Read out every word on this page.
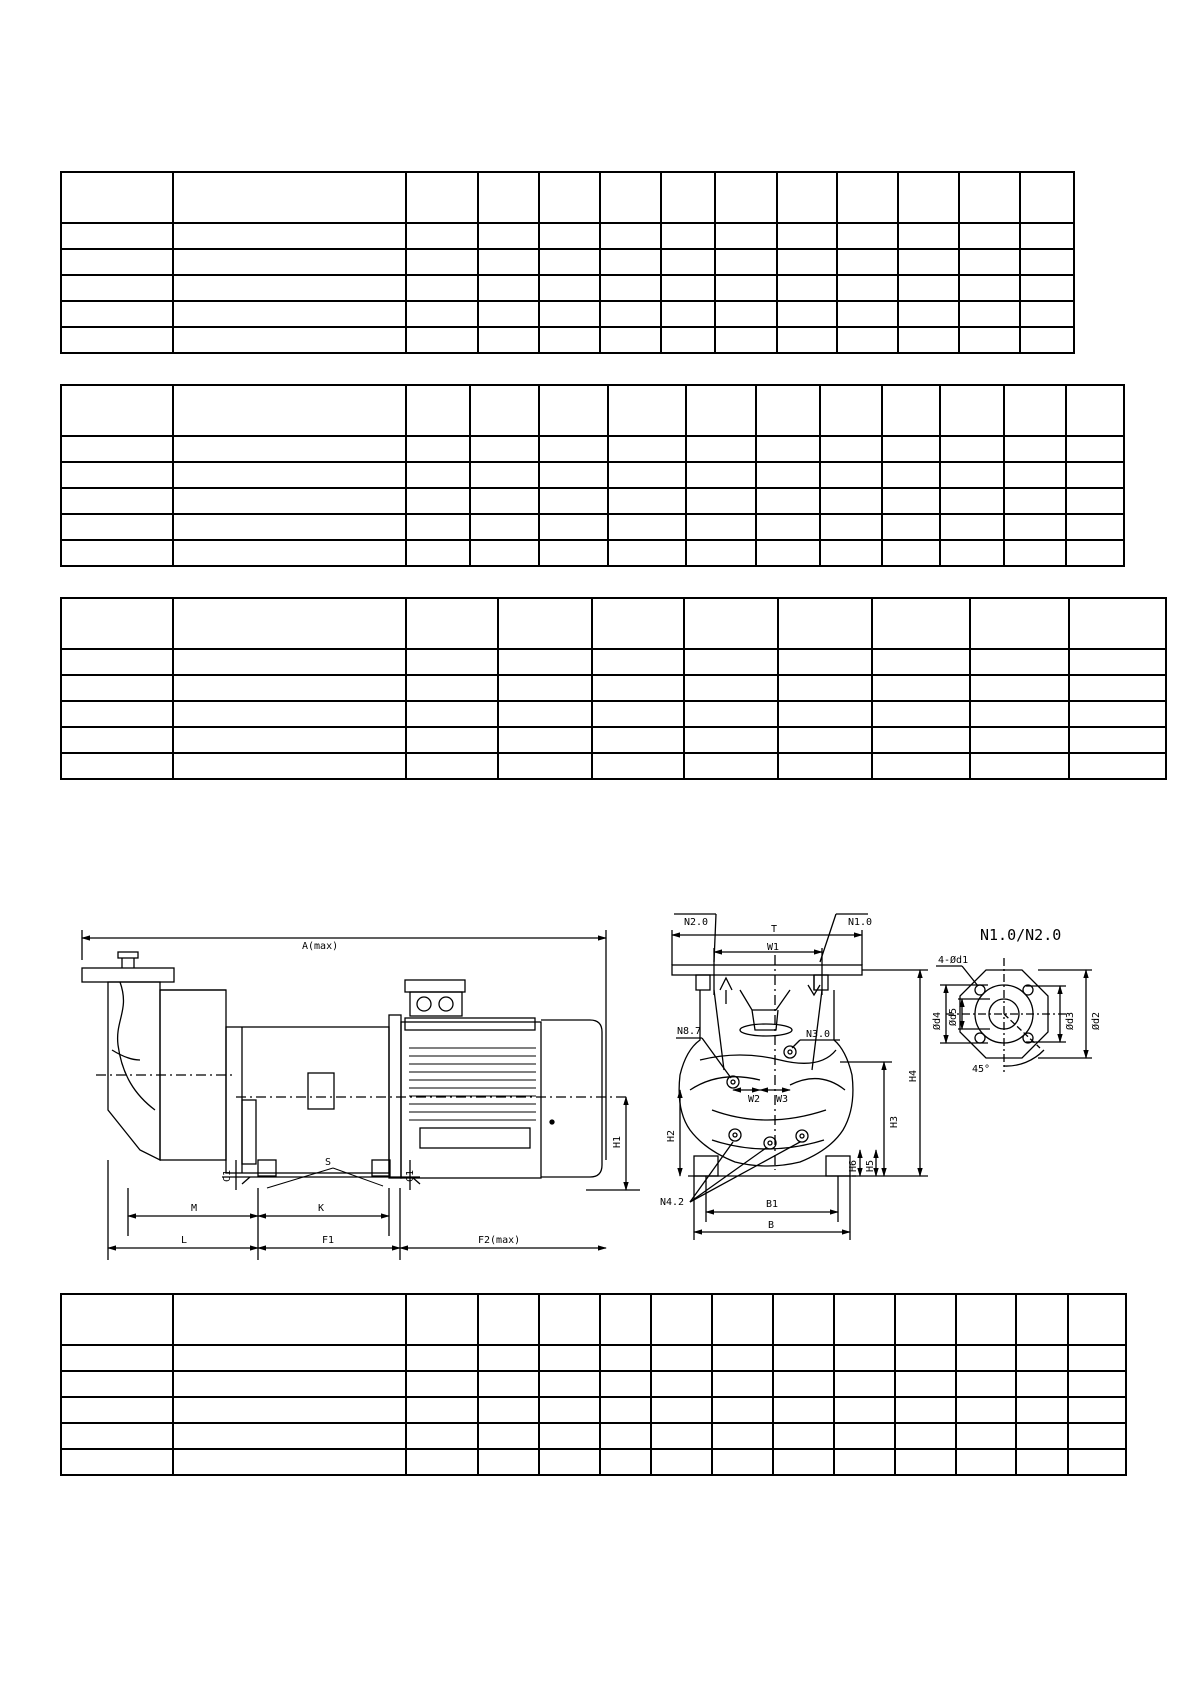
A(max)
M	K
L	F1	F2(max)
S
C1	C1
H1
N2.0	N1.0
T
W1
N8.7	N3.0
W2 W3
N4.2
H2
H3
H4
H5
H6
B1
B
N1.0/N2.0
4-Ød1
Ød2
Ød3
Ød4 Ød5
45°
